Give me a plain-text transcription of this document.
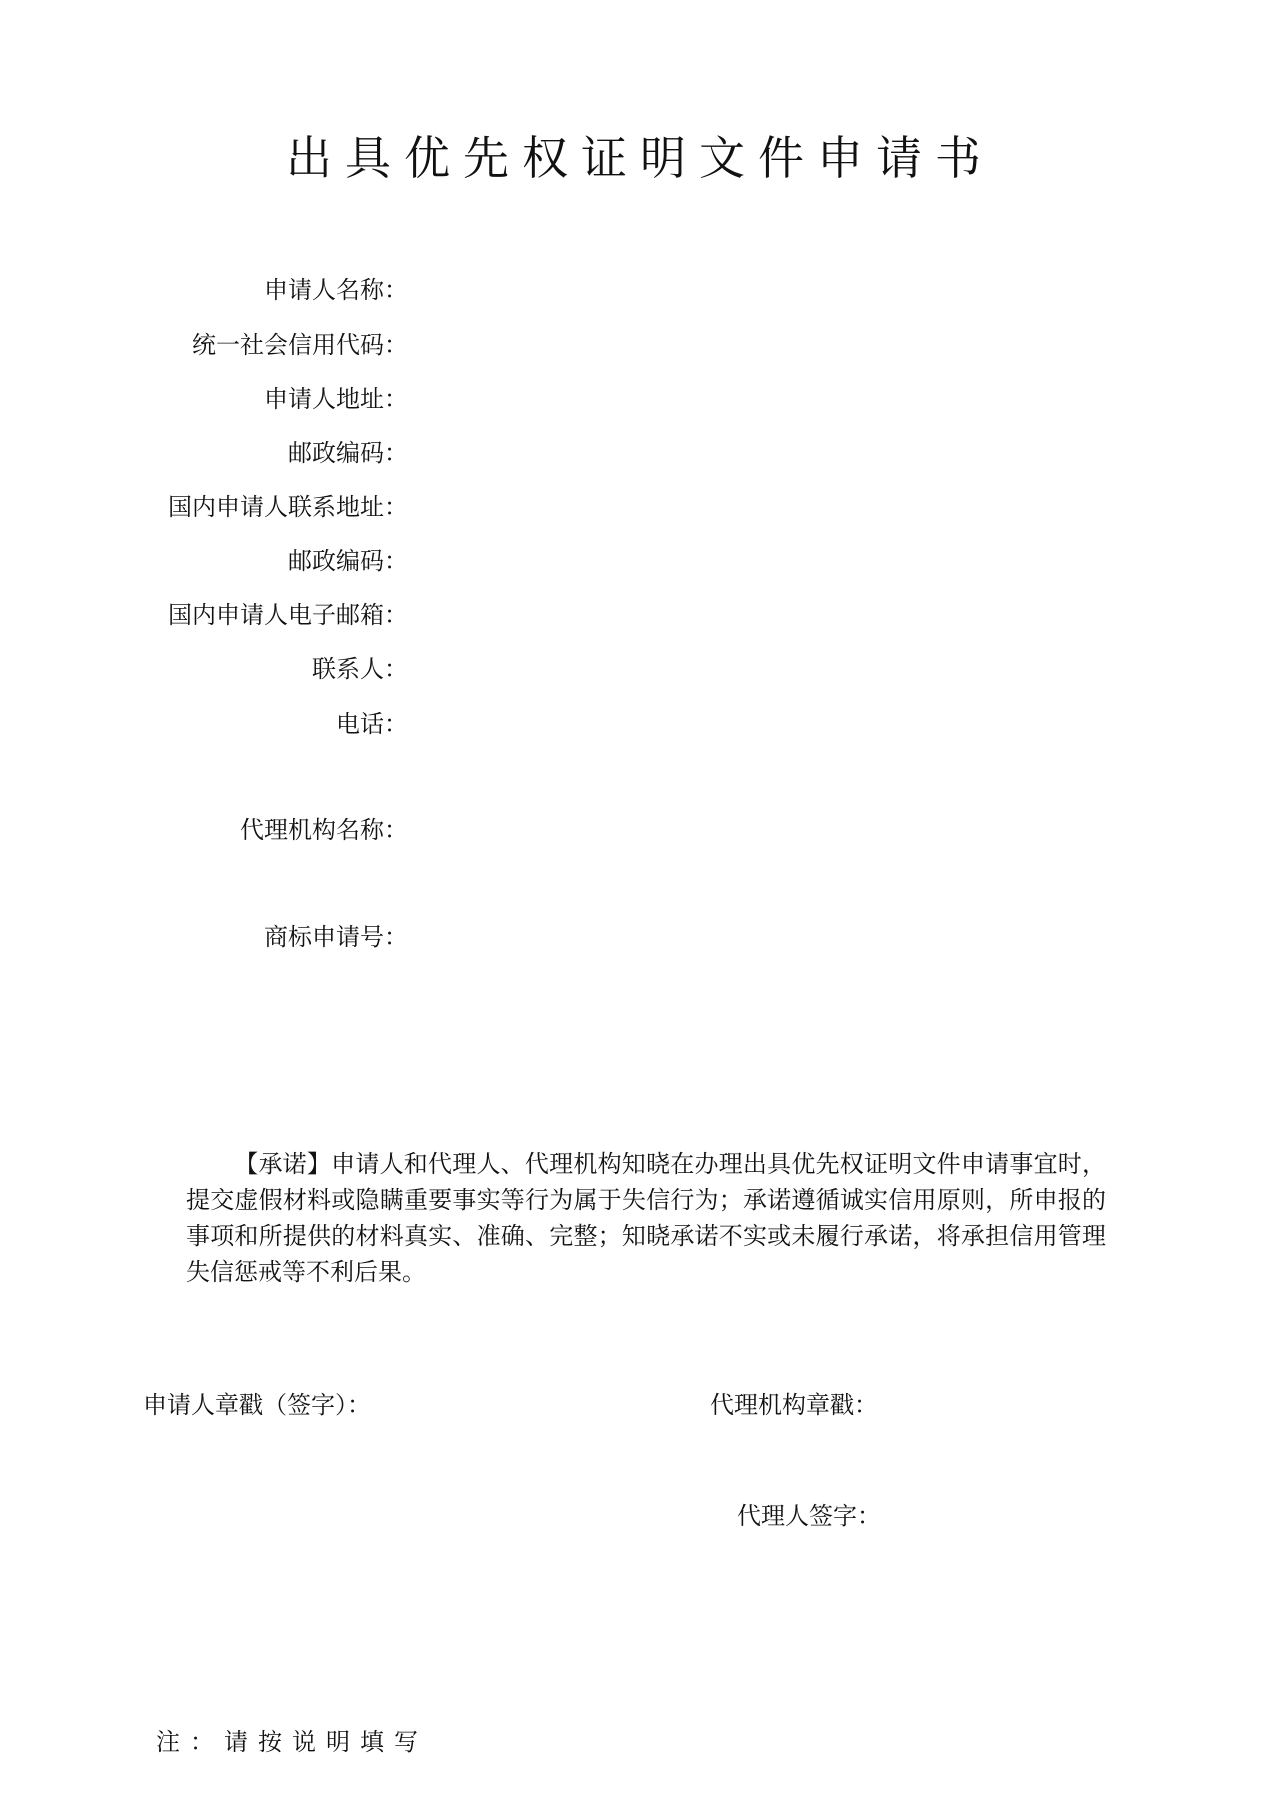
出具优先权证明文件申请书
申请人名称：
统一社会信用代码：
申请人地址：
邮政编码：
国内申请人联系地址：
邮政编码：
国内申请人电子邮箱：
联系人：
电话：
代理机构名称：
商标申请号：

【承诺】申请人和代理人、代理机构知晓在办理出具优先权证明文件申请事宜时，提交虚假材料或隐瞒重要事实等行为属于失信行为；承诺遵循诚实信用原则，所申报的事项和所提供的材料真实、准确、完整；知晓承诺不实或未履行承诺，将承担信用管理失信惩戒等不利后果。

申请人章戳（签字）：	代理机构章戳：
代理人签字：
注：请按说明填写
